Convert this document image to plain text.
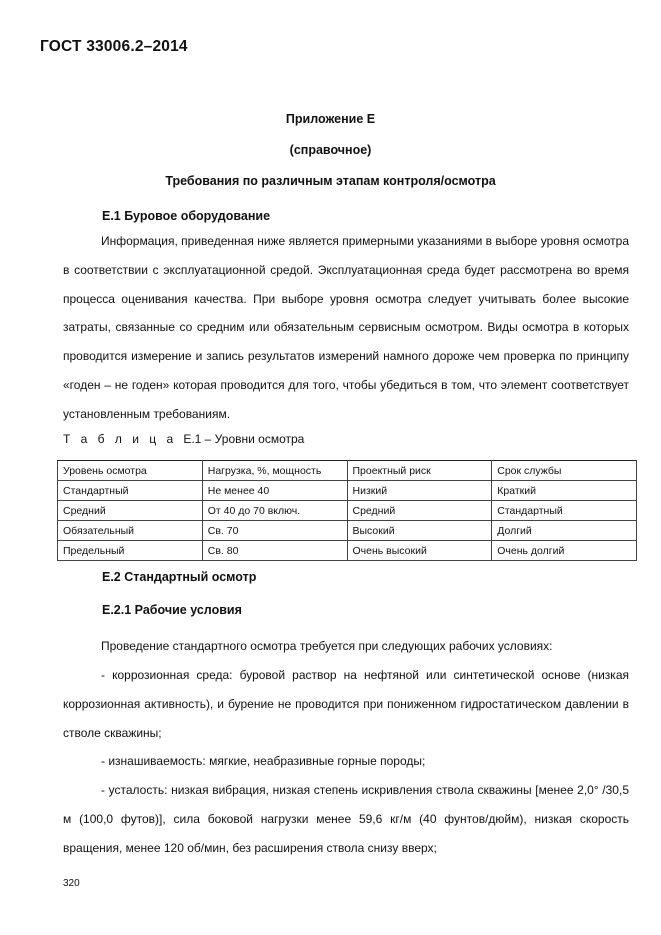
ГОСТ 33006.2–2014
Приложение Е
(справочное)
Требования по различным этапам контроля/осмотра
Е.1 Буровое оборудование
Информация, приведенная ниже является примерными указаниями в выборе уровня осмотра в соответствии с эксплуатационной средой. Эксплуатационная среда будет рассмотрена во время процесса оценивания качества. При выборе уровня осмотра следует учитывать более высокие затраты, связанные со средним или обязательным сервисным осмотром. Виды осмотра в которых проводится измерение и запись результатов измерений намного дороже чем проверка по принципу «годен – не годен» которая проводится для того, чтобы убедиться в том, что элемент соответствует установленным требованиям.
Т а б л и ц а Е.1 – Уровни осмотра
Уровень осмотра	Нагрузка, %, мощность	Проектный риск	Срок службы
Стандартный	Не менее 40	Низкий	Краткий
Средний	От 40 до 70 включ.	Средний	Стандартный
Обязательный	Св. 70	Высокий	Долгий
Предельный	Св. 80	Очень высокий	Очень долгий
Е.2 Стандартный осмотр
Е.2.1 Рабочие условия
Проведение стандартного осмотра требуется при следующих рабочих условиях:
- коррозионная среда: буровой раствор на нефтяной или синтетической основе (низкая коррозионная активность), и бурение не проводится при пониженном гидростатическом давлении в стволе скважины;
- изнашиваемость: мягкие, неабразивные горные породы;
- усталость: низкая вибрация, низкая степень искривления ствола скважины [менее 2,0° /30,5 м (100,0 футов)], сила боковой нагрузки менее 59,6 кг/м (40 фунтов/дюйм), низкая скорость вращения, менее 120 об/мин, без расширения ствола снизу вверх;
320
